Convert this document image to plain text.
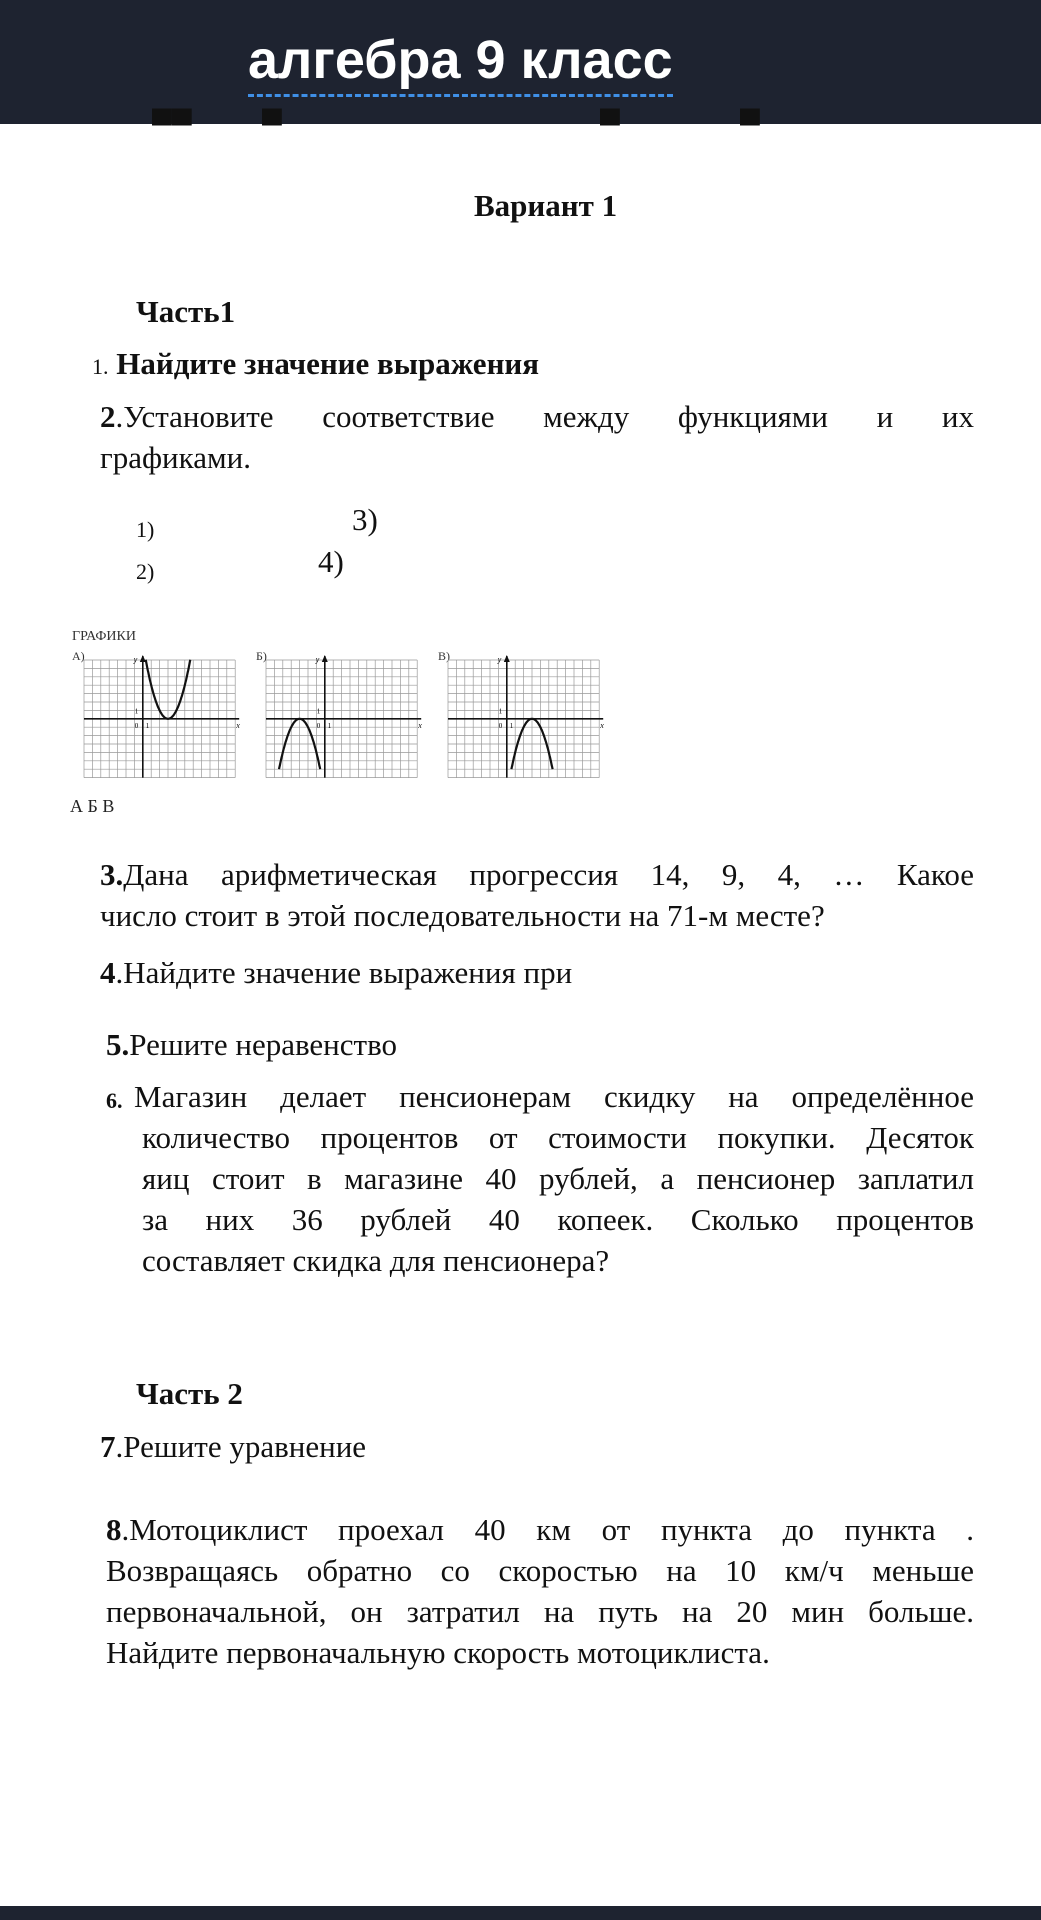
алгебра 9 класс
▀▀	▀	▀	▀
Вариант 1
Часть1
1. Найдите значение выражения
2.Установите соответствие между функциями и их
графиками.
1)	3)
2)	4)
ГРАФИКИ
А)	Б)	В)
А Б В
y
x
0 1
1
y
x
0 1
1
y
x
0 1
1
3.Дана арифметическая прогрессия 14, 9, 4, … Какое
число стоит в этой последовательности на 71-м месте?
4.Найдите значение выражения при
5.Решите неравенство
6. Магазин делает пенсионерам скидку на определённое
количество процентов от стоимости покупки. Десяток
яиц стоит в магазине 40 рублей, а пенсионер заплатил
за них 36 рублей 40 копеек. Сколько процентов
составляет скидка для пенсионера?
Часть 2
7.Решите уравнение
8.Мотоциклист проехал 40 км от пункта до пункта .
Возвращаясь обратно со скоростью на 10 км/ч меньше
первоначальной, он затратил на путь на 20 мин больше.
Найдите первоначальную скорость мотоциклиста.
